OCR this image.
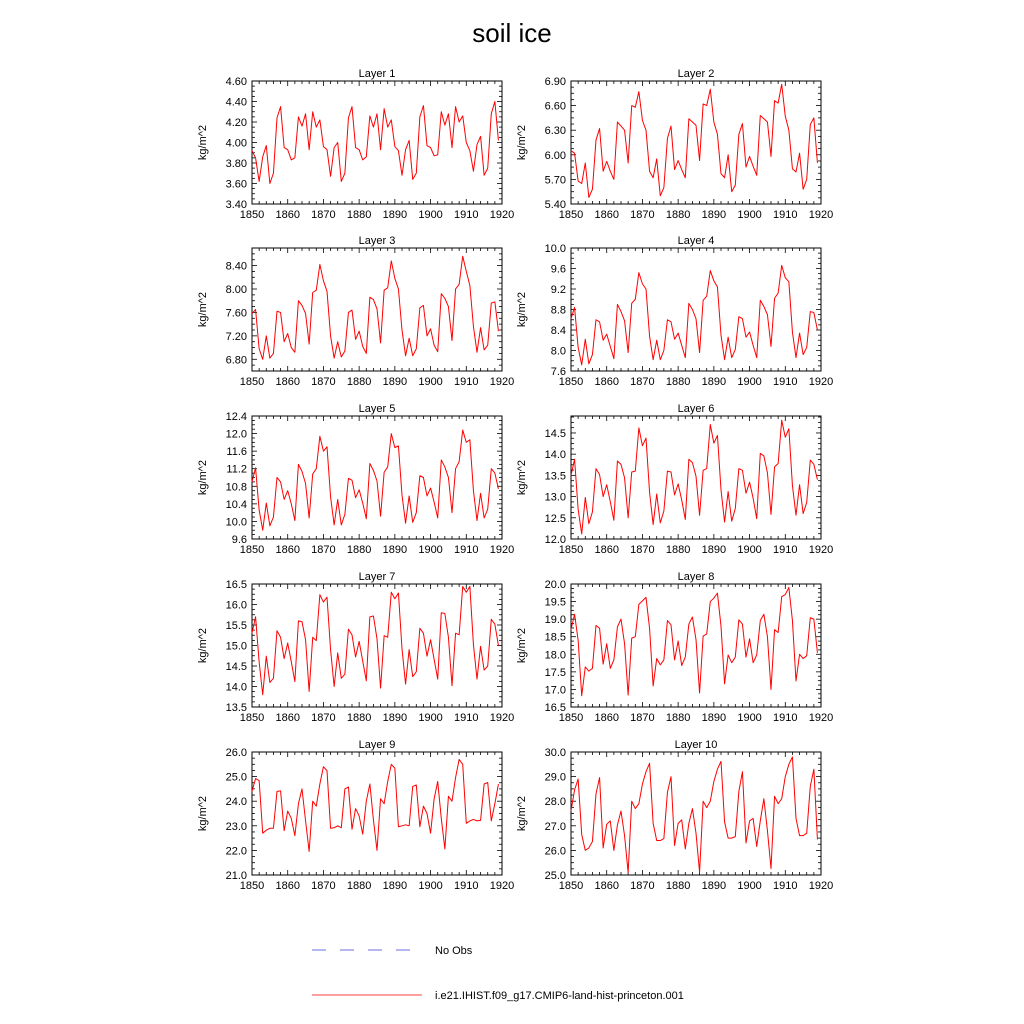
soil ice
Layer 1
kg/m^2
1850 1860 1870 1880 1890 1900 1910 1920
3.40
3.60
3.80
4.00
4.20
4.40
4.60
Layer 2
kg/m^2
1850 1860 1870 1880 1890 1900 1910 1920
5.40
5.70
6.00
6.30
6.60
6.90
Layer 3
kg/m^2
1850 1860 1870 1880 1890 1900 1910 1920
6.80
7.20
7.60
8.00
8.40
Layer 4
kg/m^2
1850 1860 1870 1880 1890 1900 1910 1920
7.6
8.0
8.4
8.8
9.2
9.6
10.0
Layer 5
kg/m^2
1850 1860 1870 1880 1890 1900 1910 1920
9.6
10.0
10.4
10.8
11.2
11.6
12.0
12.4
Layer 6
kg/m^2
1850 1860 1870 1880 1890 1900 1910 1920
12.0
12.5
13.0
13.5
14.0
14.5
Layer 7
kg/m^2
1850 1860 1870 1880 1890 1900 1910 1920
13.5
14.0
14.5
15.0
15.5
16.0
16.5
Layer 8
kg/m^2
1850 1860 1870 1880 1890 1900 1910 1920
16.5
17.0
17.5
18.0
18.5
19.0
19.5
20.0
Layer 9
kg/m^2
1850 1860 1870 1880 1890 1900 1910 1920
21.0
22.0
23.0
24.0
25.0
26.0
Layer 10
kg/m^2
1850 1860 1870 1880 1890 1900 1910 1920
25.0
26.0
27.0
28.0
29.0
30.0
No Obs
i.e21.IHIST.f09_g17.CMIP6-land-hist-princeton.001
